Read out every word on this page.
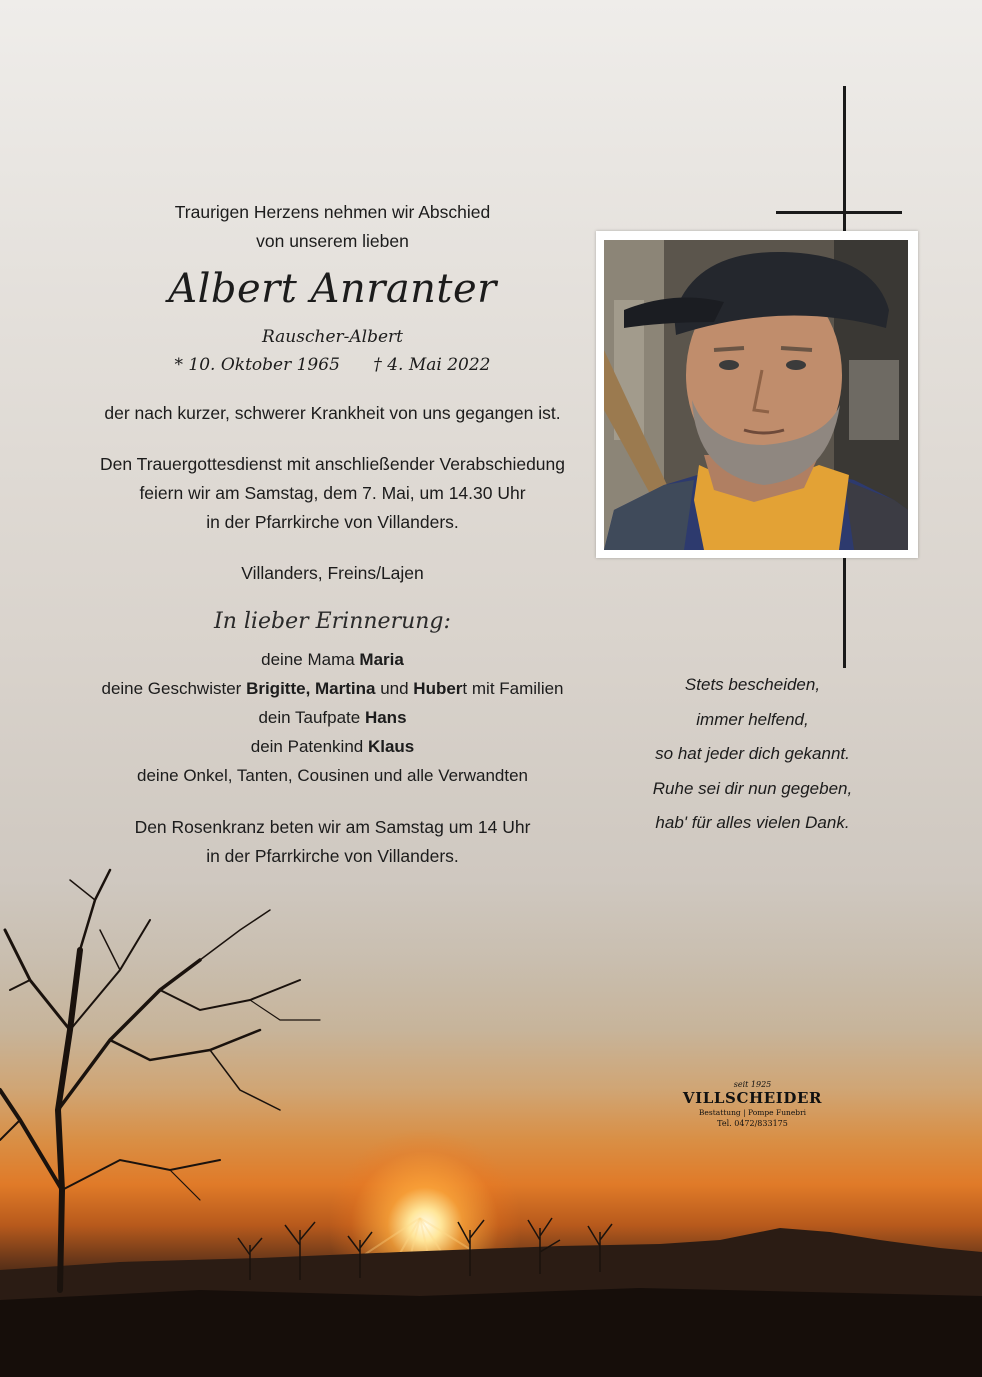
Traurigen Herzens nehmen wir Abschied
von unserem lieben
Albert Anranter
Rauscher-Albert
* 10. Oktober 1965 † 4. Mai 2022
der nach kurzer, schwerer Krankheit von uns gegangen ist.
Den Trauergottesdienst mit anschließender Verabschiedung
feiern wir am Samstag, dem 7. Mai, um 14.30 Uhr
in der Pfarrkirche von Villanders.
Villanders, Freins/Lajen
In lieber Erinnerung:
deine Mama Maria
deine Geschwister Brigitte, Martina und Hubert mit Familien
dein Taufpate Hans
dein Patenkind Klaus
deine Onkel, Tanten, Cousinen und alle Verwandten
Den Rosenkranz beten wir am Samstag um 14 Uhr
in der Pfarrkirche von Villanders.
Stets bescheiden,
immer helfend,
so hat jeder dich gekannt.
Ruhe sei dir nun gegeben,
hab' für alles vielen Dank.
seit 1925
VILLSCHEIDER
Bestattung | Pompe Funebri
Tel. 0472/833175
